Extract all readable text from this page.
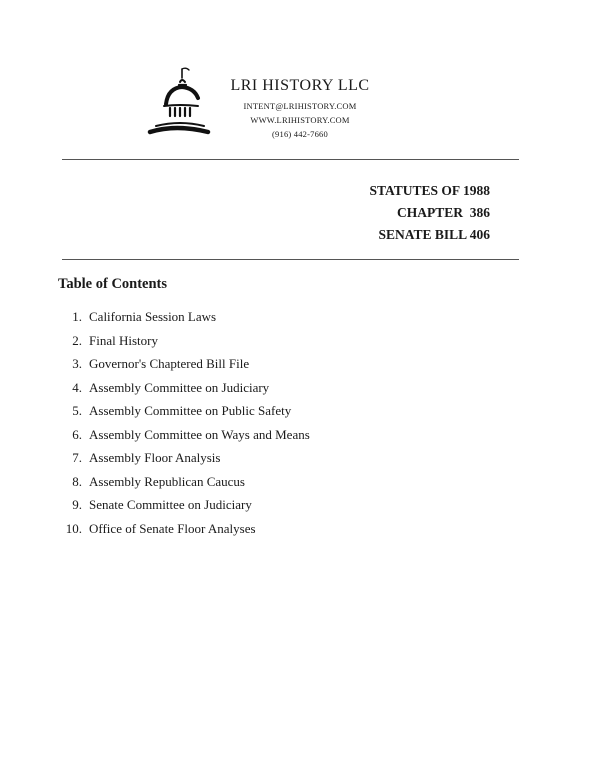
LRI HISTORY LLC
INTENT@LRIHISTORY.COM
WWW.LRIHISTORY.COM
(916) 442-7660
STATUTES OF 1988
CHAPTER  386
SENATE BILL 406
Table of Contents
1. California Session Laws
2. Final History
3. Governor's Chaptered Bill File
4. Assembly Committee on Judiciary
5. Assembly Committee on Public Safety
6. Assembly Committee on Ways and Means
7. Assembly Floor Analysis
8. Assembly Republican Caucus
9. Senate Committee on Judiciary
10. Office of Senate Floor Analyses
